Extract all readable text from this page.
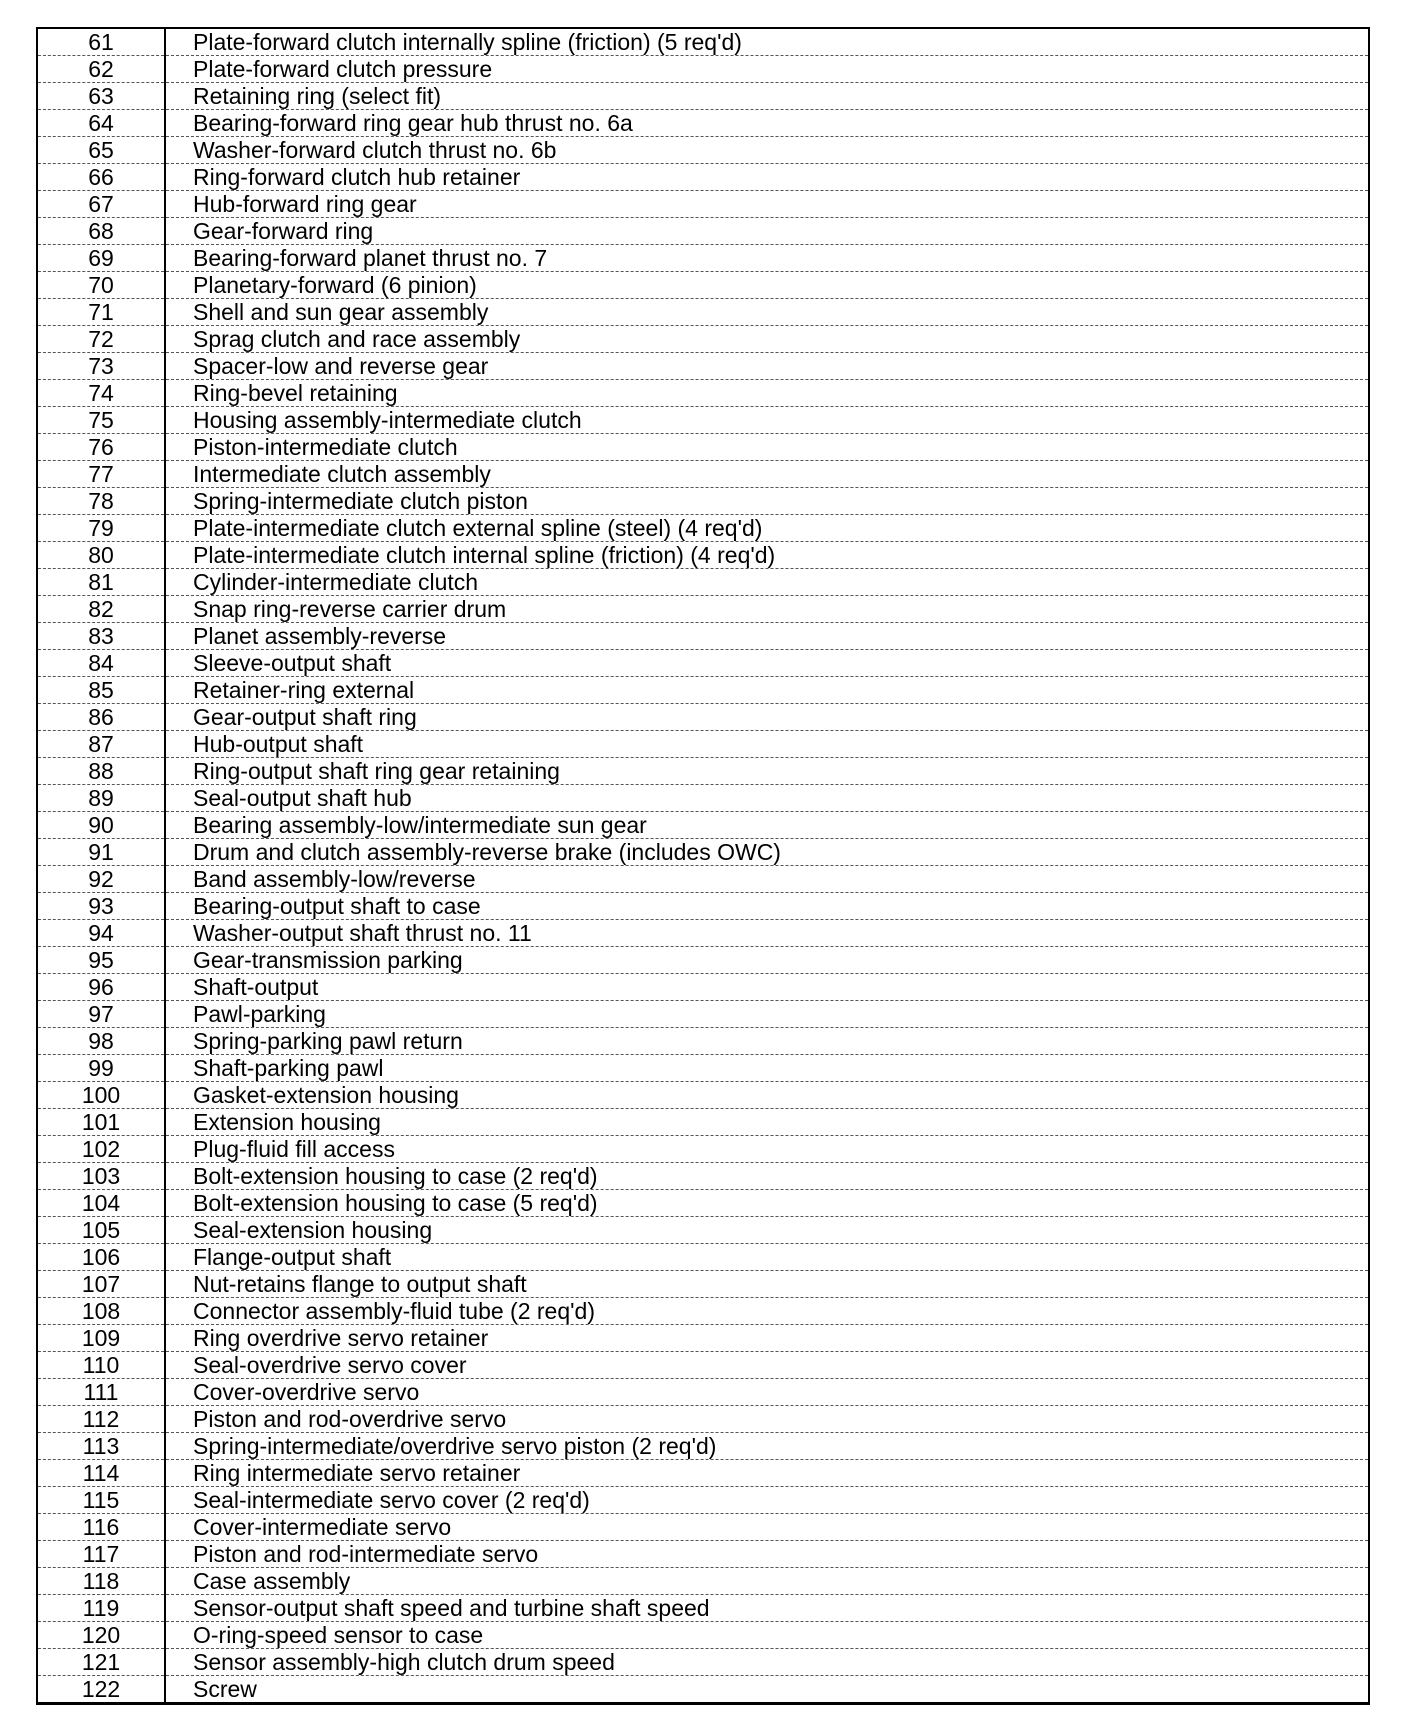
61	Plate-forward clutch internally spline (friction) (5 req'd)
62	Plate-forward clutch pressure
63	Retaining ring (select fit)
64	Bearing-forward ring gear hub thrust no. 6a
65	Washer-forward clutch thrust no. 6b
66	Ring-forward clutch hub retainer
67	Hub-forward ring gear
68	Gear-forward ring
69	Bearing-forward planet thrust no. 7
70	Planetary-forward (6 pinion)
71	Shell and sun gear assembly
72	Sprag clutch and race assembly
73	Spacer-low and reverse gear
74	Ring-bevel retaining
75	Housing assembly-intermediate clutch
76	Piston-intermediate clutch
77	Intermediate clutch assembly
78	Spring-intermediate clutch piston
79	Plate-intermediate clutch external spline (steel) (4 req'd)
80	Plate-intermediate clutch internal spline (friction) (4 req'd)
81	Cylinder-intermediate clutch
82	Snap ring-reverse carrier drum
83	Planet assembly-reverse
84	Sleeve-output shaft
85	Retainer-ring external
86	Gear-output shaft ring
87	Hub-output shaft
88	Ring-output shaft ring gear retaining
89	Seal-output shaft hub
90	Bearing assembly-low/intermediate sun gear
91	Drum and clutch assembly-reverse brake (includes OWC)
92	Band assembly-low/reverse
93	Bearing-output shaft to case
94	Washer-output shaft thrust no. 11
95	Gear-transmission parking
96	Shaft-output
97	Pawl-parking
98	Spring-parking pawl return
99	Shaft-parking pawl
100	Gasket-extension housing
101	Extension housing
102	Plug-fluid fill access
103	Bolt-extension housing to case (2 req'd)
104	Bolt-extension housing to case (5 req'd)
105	Seal-extension housing
106	Flange-output shaft
107	Nut-retains flange to output shaft
108	Connector assembly-fluid tube (2 req'd)
109	Ring overdrive servo retainer
110	Seal-overdrive servo cover
111	Cover-overdrive servo
112	Piston and rod-overdrive servo
113	Spring-intermediate/overdrive servo piston (2 req'd)
114	Ring intermediate servo retainer
115	Seal-intermediate servo cover (2 req'd)
116	Cover-intermediate servo
117	Piston and rod-intermediate servo
118	Case assembly
119	Sensor-output shaft speed and turbine shaft speed
120	O-ring-speed sensor to case
121	Sensor assembly-high clutch drum speed
122	Screw
